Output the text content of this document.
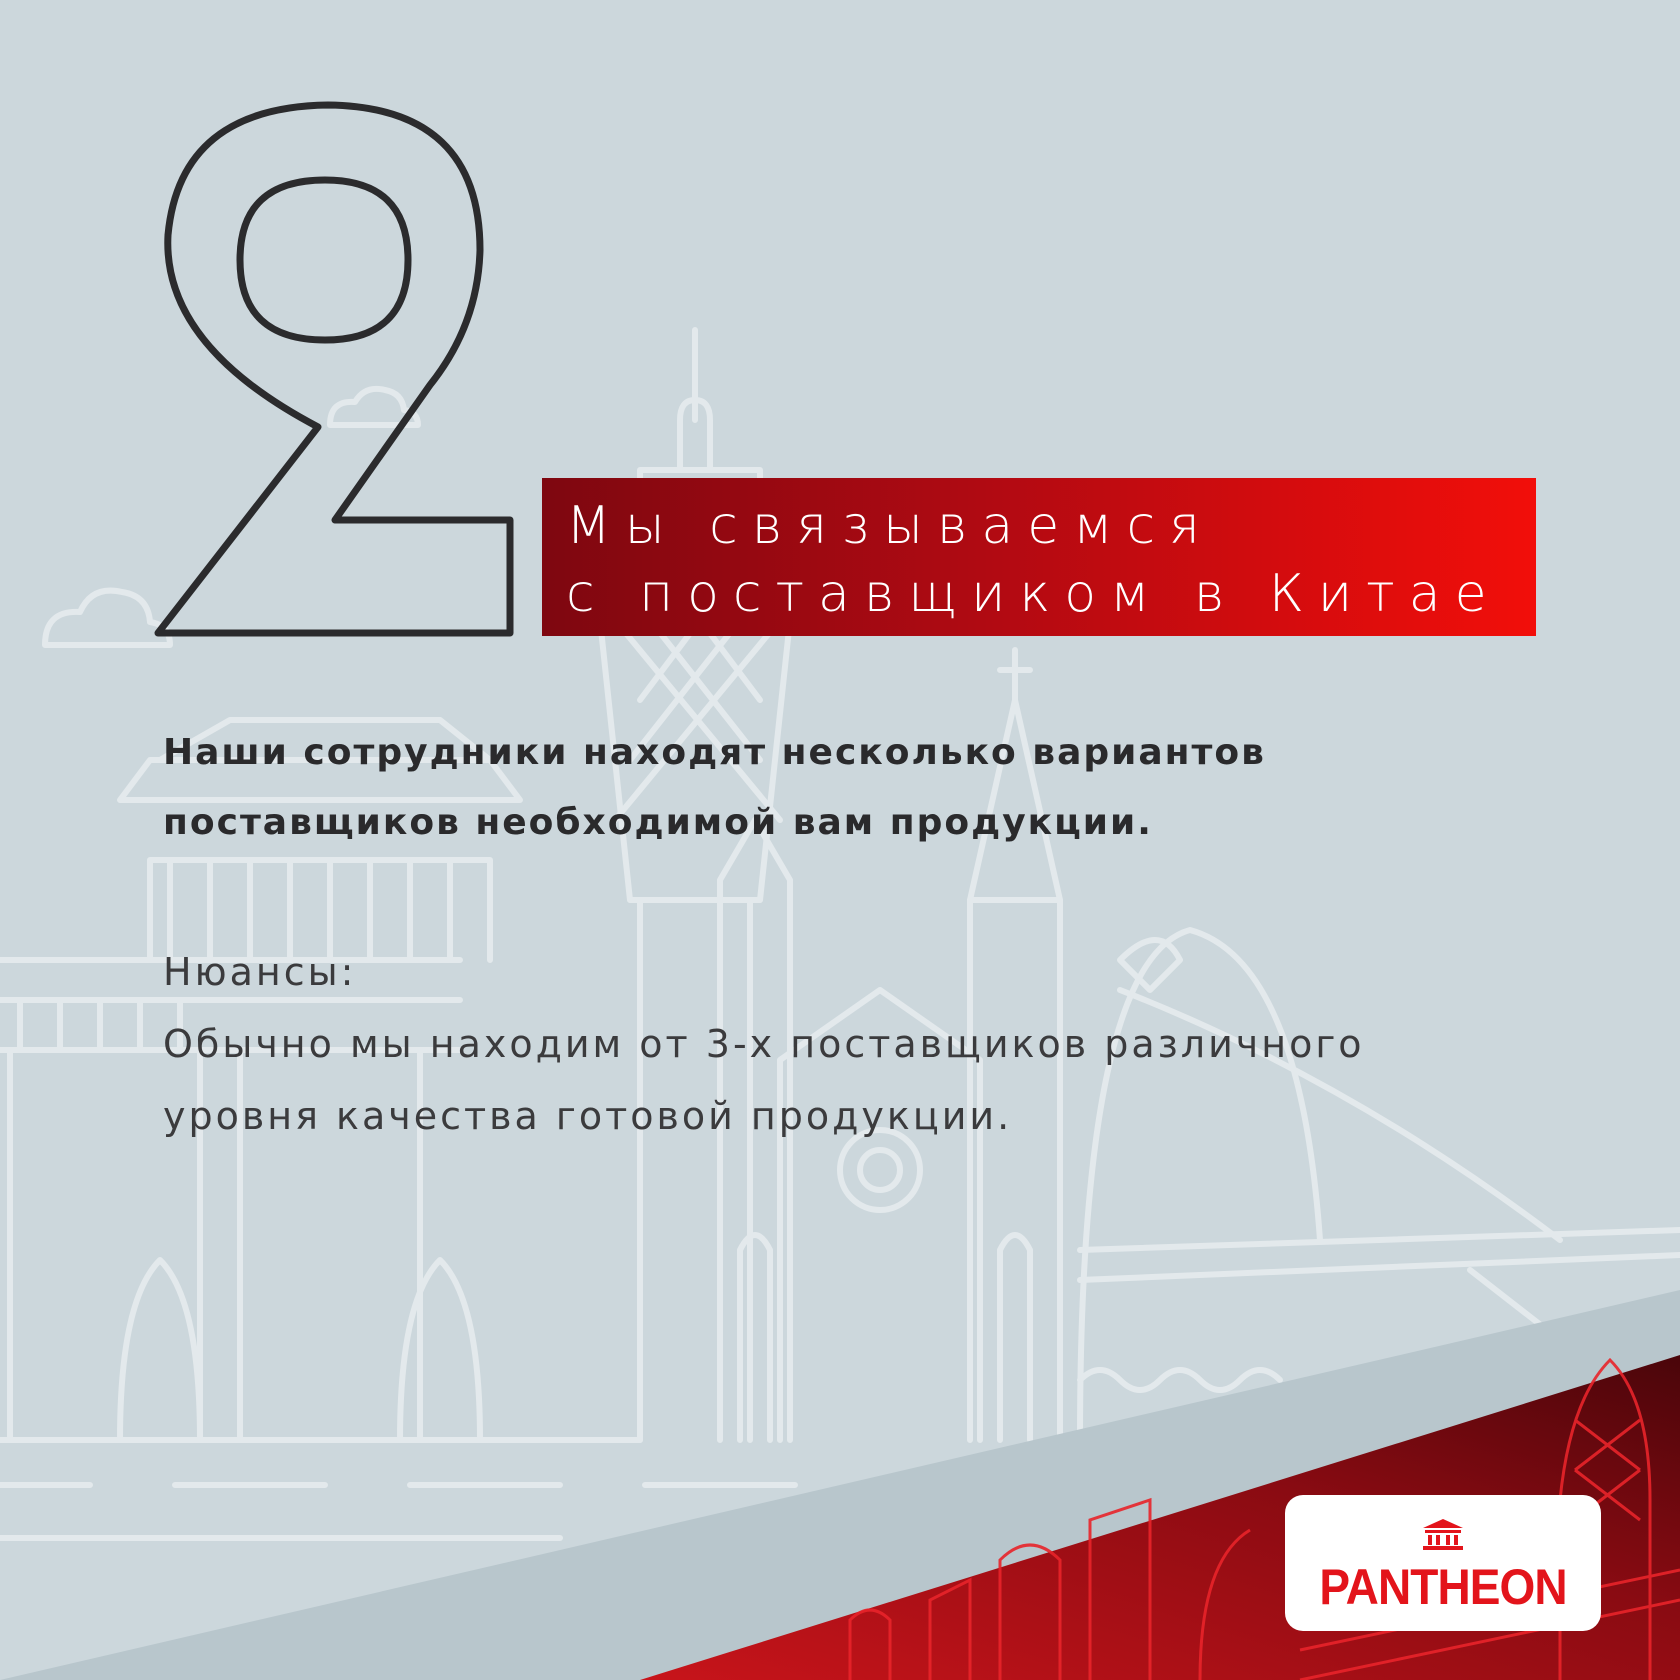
Мы связываемся
с поставщиком в Китае
Наши сотрудники находят несколько вариантов
поставщиков необходимой вам продукции.
Нюансы:
Обычно мы находим от 3-х поставщиков различного
уровня качества готовой продукции.
PANTHEON
